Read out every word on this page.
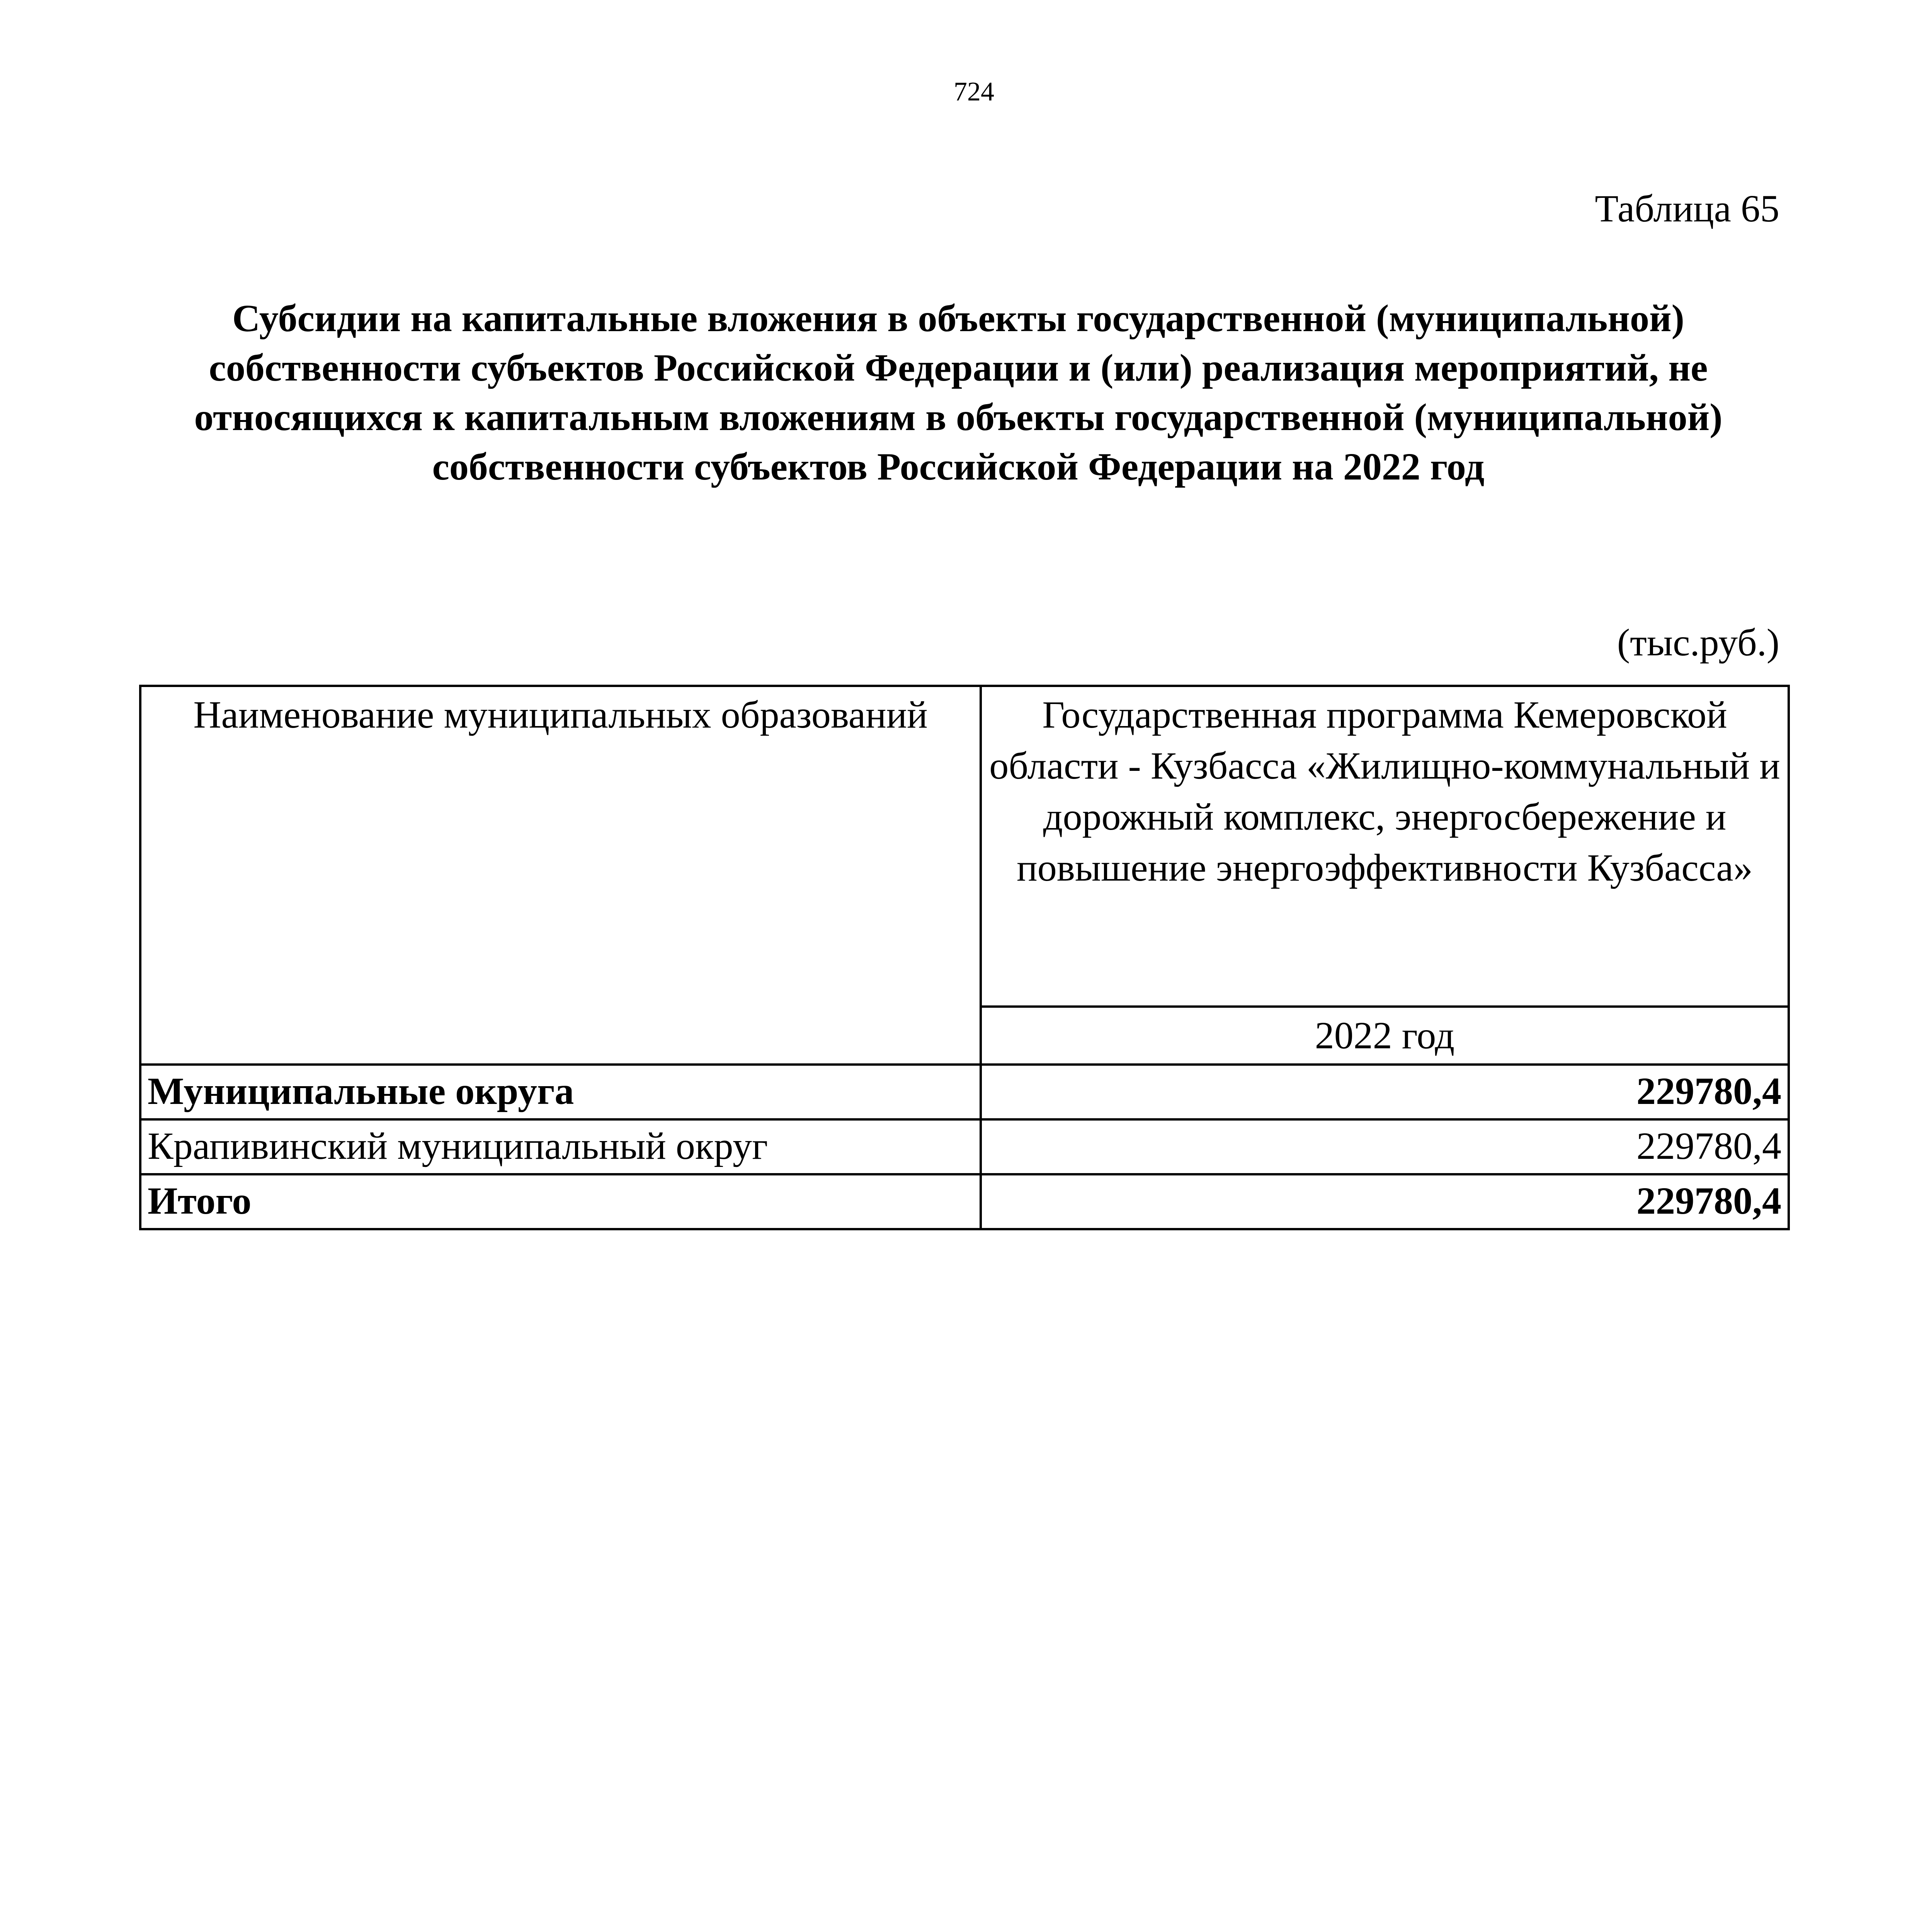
724
Таблица 65
Субсидии на капитальные вложения в объекты государственной (муниципальной) собственности субъектов Российской Федерации и (или) реализация мероприятий, не относящихся к капитальным вложениям в объекты государственной (муниципальной) собственности субъектов Российской Федерации на 2022 год
(тыс.руб.)
Наименование муниципальных образований	Государственная программа Кемеровской области - Кузбасса «Жилищно-коммунальный и дорожный комплекс, энергосбережение и повышение энергоэффективности Кузбасса»
	2022 год
Муниципальные округа	229780,4
Крапивинский муниципальный округ	229780,4
Итого	229780,4
